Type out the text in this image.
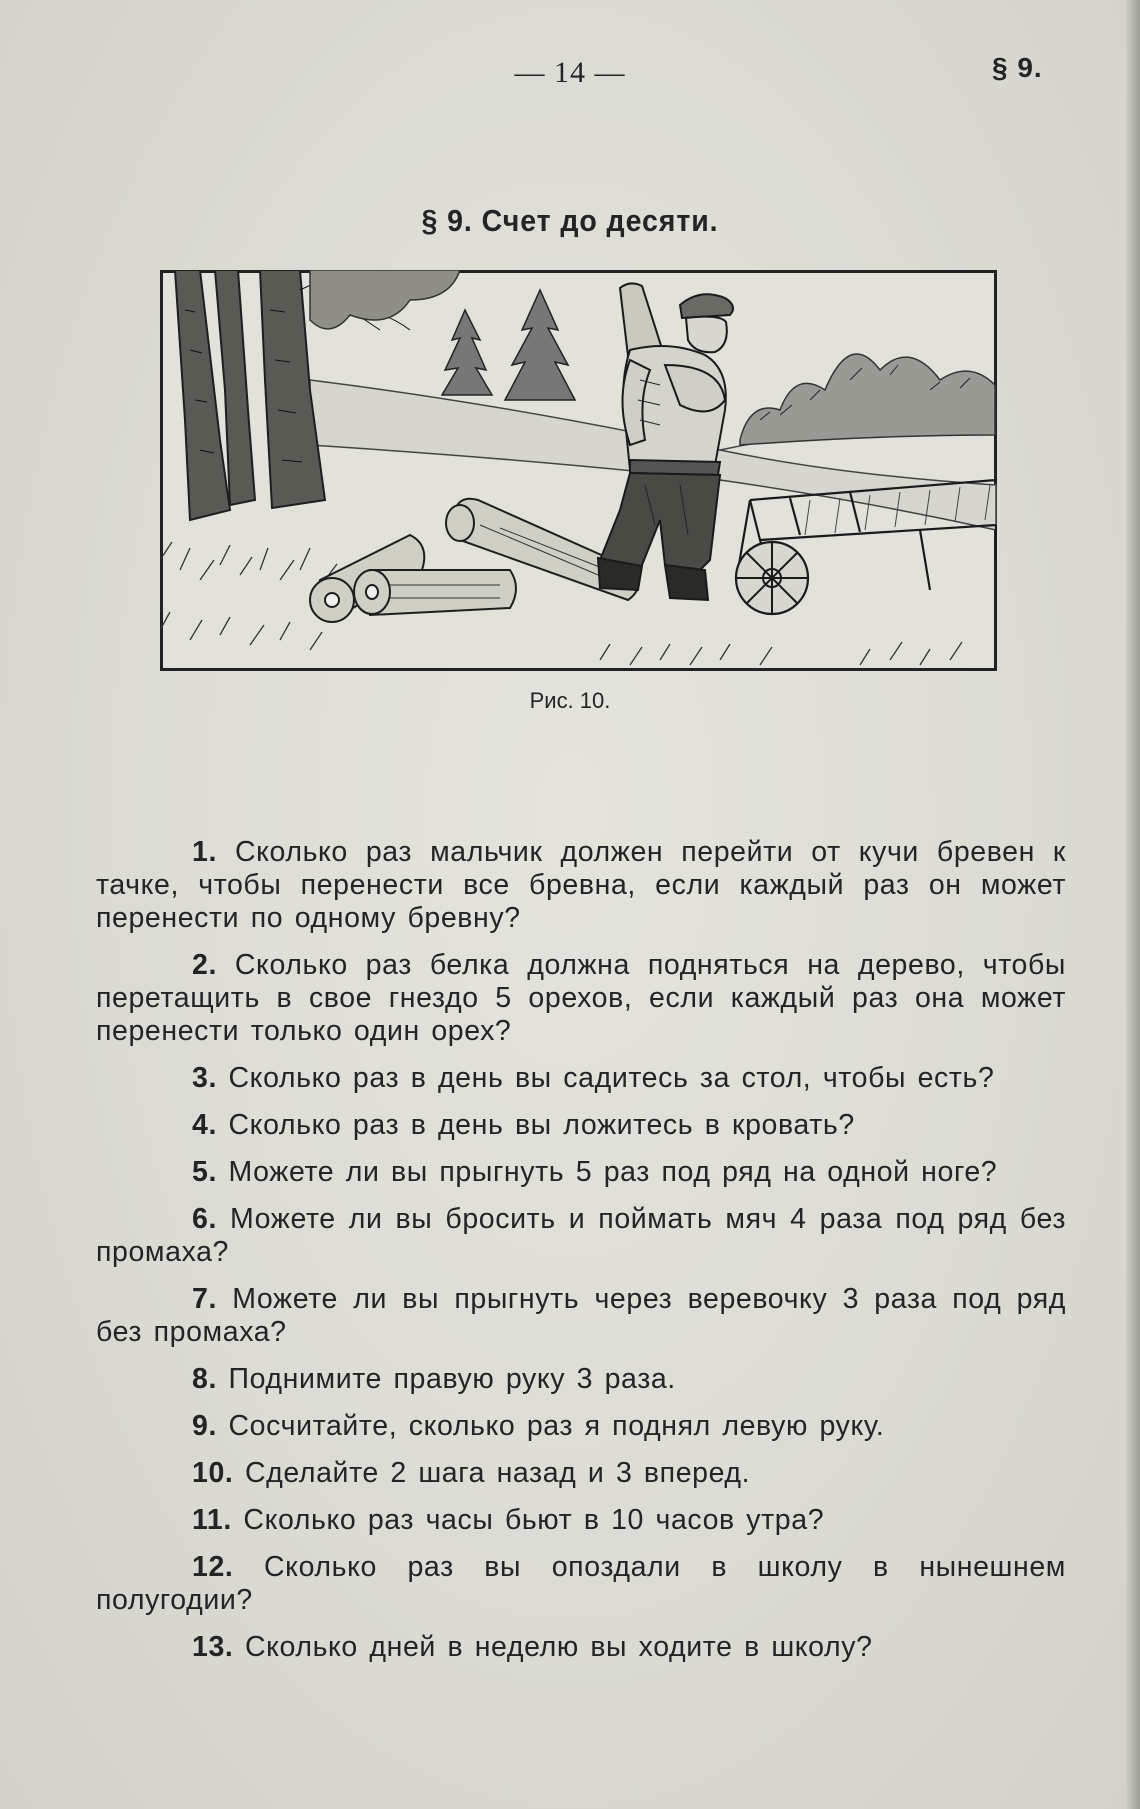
— 14 —	§ 9.
§ 9. Счет до десяти.
Рис. 10.

1. Сколько раз мальчик должен перейти от кучи бревен к тачке, чтобы перенести все бревна, если каждый раз он может перенести по одному бревну?

2. Сколько раз белка должна подняться на дерево, чтобы перетащить в свое гнездо 5 орехов, если каждый раз она может перенести только один орех?

3. Сколько раз в день вы садитесь за стол, чтобы есть?

4. Сколько раз в день вы ложитесь в кровать?

5. Можете ли вы прыгнуть 5 раз под ряд на одной ноге?

6. Можете ли вы бросить и поймать мяч 4 раза под ряд без промаха?

7. Можете ли вы прыгнуть через веревочку 3 раза под ряд без промаха?

8. Поднимите правую руку 3 раза.

9. Сосчитайте, сколько раз я поднял левую руку.

10. Сделайте 2 шага назад и 3 вперед.

11. Сколько раз часы бьют в 10 часов утра?

12. Сколько раз вы опоздали в школу в нынешнем полугодии?

13. Сколько дней в неделю вы ходите в школу?
